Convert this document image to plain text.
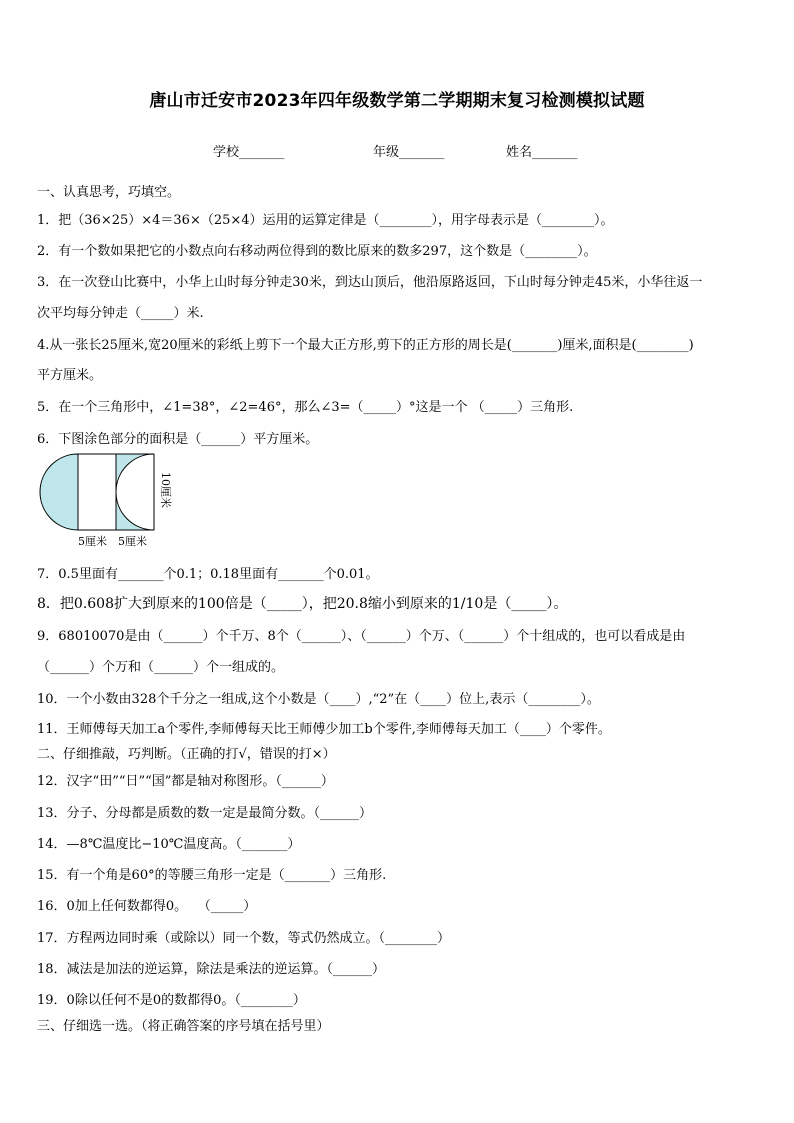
唐山市迁安市2023年四年级数学第二学期期末复习检测模拟试题
学校_______	年级_______	姓名_______
一、认真思考，巧填空。
1．把（36×25）×4＝36×（25×4）运用的运算定律是（________），用字母表示是（________）。
2．有一个数如果把它的小数点向右移动两位得到的数比原来的数多297，这个数是（________）。
3．在一次登山比赛中，小华上山时每分钟走30米，到达山顶后，他沿原路返回，下山时每分钟走45米，小华往返一
次平均每分钟走（_____）米.
4.从一张长25厘米,宽20厘米的彩纸上剪下一个最大正方形,剪下的正方形的周长是(_______)厘米,面积是(________)
平方厘米。
5．在一个三角形中，∠1=38°，∠2=46°，那么∠3=（_____）°这是一个 （_____）三角形.
6．下图涂色部分的面积是（______）平方厘米。
5厘米 5厘米
10厘米
7．0.5里面有_______个0.1；0.18里面有_______个0.01。
8．把0.608扩大到原来的100倍是（_____），把20.8缩小到原来的1/10是（_____）。
9．68010070是由（______）个千万、8个（______）、（______）个万、（______）个十组成的，也可以看成是由
（______）个万和（______）个一组成的。
10．一个小数由328个千分之一组成,这个小数是（____）,“2”在（____）位上,表示（________）。
11．王师傅每天加工a个零件,李师傅每天比王师傅少加工b个零件,李师傅每天加工（____）个零件。
二、仔细推敲，巧判断。（正确的打√，错误的打×）
12．汉字“田”“日”“国”都是轴对称图形。（______）
13．分子、分母都是质数的数一定是最简分数。（______）
14．—8℃温度比−10℃温度高。（_______）
15．有一个角是60°的等腰三角形一定是（_______）三角形.
16．0加上任何数都得0。　 （_____）
17．方程两边同时乘（或除以）同一个数，等式仍然成立。（________）
18．减法是加法的逆运算，除法是乘法的逆运算。（______）
19．0除以任何不是0的数都得0。（________）
三、仔细选一选。（将正确答案的序号填在括号里）
